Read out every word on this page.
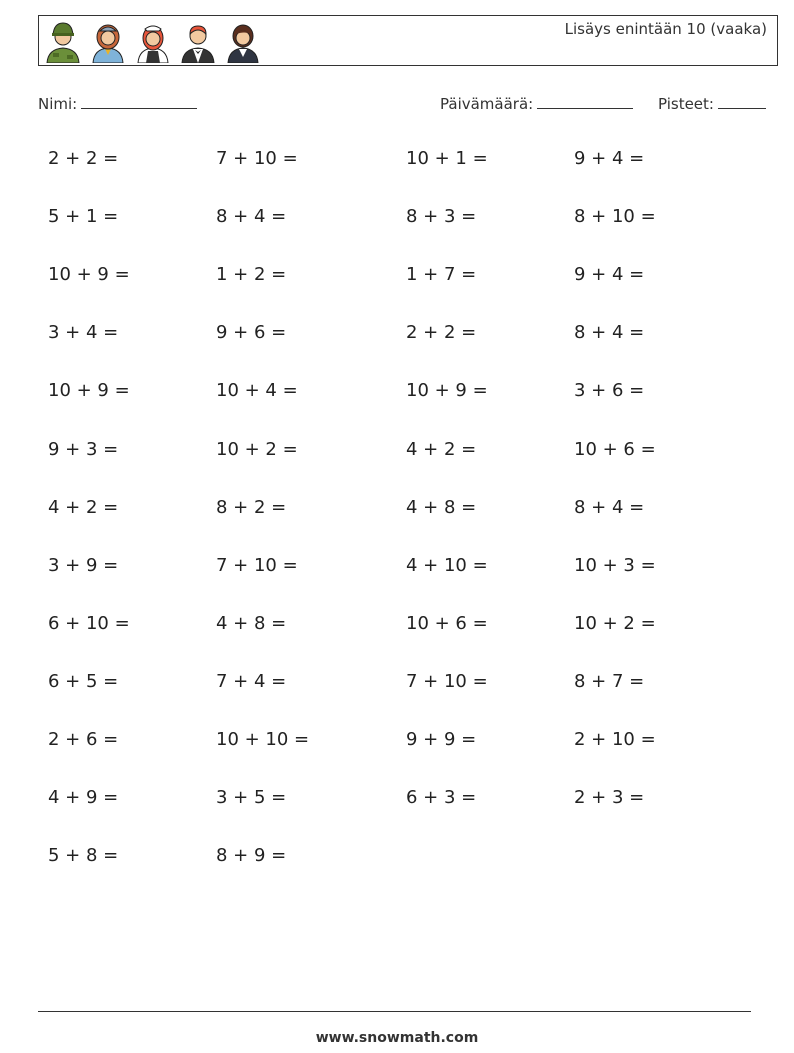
Lisäys enintään 10 (vaaka)
Nimi:	Päivämäärä:	Pisteet:
2 + 2 =	7 + 10 =	10 + 1 =	9 + 4 =
5 + 1 =	8 + 4 =	8 + 3 =	8 + 10 =
10 + 9 =	1 + 2 =	1 + 7 =	9 + 4 =
3 + 4 =	9 + 6 =	2 + 2 =	8 + 4 =
10 + 9 =	10 + 4 =	10 + 9 =	3 + 6 =
9 + 3 =	10 + 2 =	4 + 2 =	10 + 6 =
4 + 2 =	8 + 2 =	4 + 8 =	8 + 4 =
3 + 9 =	7 + 10 =	4 + 10 =	10 + 3 =
6 + 10 =	4 + 8 =	10 + 6 =	10 + 2 =
6 + 5 =	7 + 4 =	7 + 10 =	8 + 7 =
2 + 6 =	10 + 10 =	9 + 9 =	2 + 10 =
4 + 9 =	3 + 5 =	6 + 3 =	2 + 3 =
5 + 8 =	8 + 9 =
www.snowmath.com
